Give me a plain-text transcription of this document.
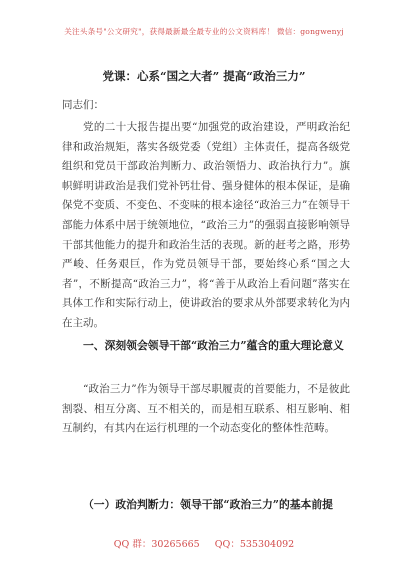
关注头条号"公文研究"，获得最新最全最专业的公文资料库！ 微信：gongwenyj
党课：心系“国之大者” 提高“政治三力”
同志们：

党的二十大报告提出要“加强党的政治建设，严明政治纪律和政治规矩，落实各级党委（党组）主体责任，提高各级党组织和党员干部政治判断力、政治领悟力、政治执行力”。旗帜鲜明讲政治是我们党补钙壮骨、强身健体的根本保证，是确保党不变质、不变色、不变味的根本途径“政治三力”在领导干部能力体系中居于统领地位，“政治三力”的强弱直接影响领导干部其他能力的提升和政治生活的表现。新的赶考之路，形势严峻、任务艰巨，作为党员领导干部，要始终心系“国之大者”，不断提高“政治三力”，将“善于从政治上看问题”落实在具体工作和实际行动上，使讲政治的要求从外部要求转化为内在主动。

一、深刻领会领导干部“政治三力”蕴含的重大理论意义

“政治三力”作为领导干部尽职履责的首要能力，不是彼此割裂、相互分离、互不相关的，而是相互联系、相互影响、相互制约，有其内在运行机理的一个动态变化的整体性范畴。

（一）政治判断力：领导干部“政治三力”的基本前提

QQ 群：30265665 QQ：535304092
